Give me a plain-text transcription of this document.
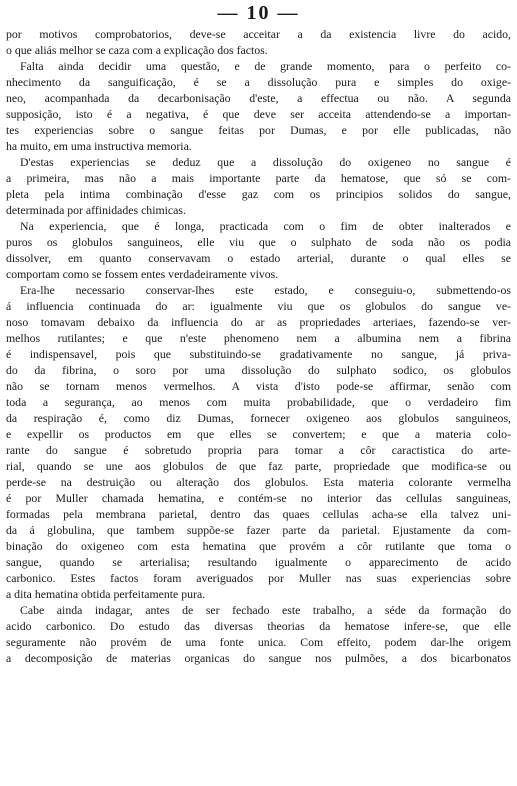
— 10 —

por motivos comprobatorios, deve-se acceitar a da existencia livre do acido,
o que aliás melhor se caza com a explicação dos factos.

Falta ainda decidir uma questão, e de grande momento, para o perfeito co-
nhecimento da sanguificação, é se a dissolução pura e simples do oxige-
neo, acompanhada da decarbonisação d'este, a effectua ou não. A segunda
supposição, isto é a negativa, é que deve ser acceita attendendo-se a importan-
tes experiencias sobre o sangue feitas por Dumas, e por elle publicadas, não
ha muito, em uma instructiva memoria.

D'estas experiencias se deduz que a dissolução do oxigeneo no sangue é
a primeira, mas não a mais importante parte da hematose, que só se com-
pleta pela intima combinação d'esse gaz com os principios solidos do sangue,
determinada por affinidades chimicas.

Na experiencia, que é longa, practicada com o fim de obter inalterados e
puros os globulos sanguineos, elle viu que o sulphato de soda não os podia
dissolver, em quanto conservavam o estado arterial, durante o qual elles se
comportam como se fossem entes verdadeiramente vivos.

Era-lhe necessario conservar-lhes este estado, e conseguiu-o, submettendo-os
á influencia continuada do ar: igualmente viu que os globulos do sangue ve-
noso tomavam debaixo da influencia do ar as propriedades arteriaes, fazendo-se ver-
melhos rutilantes; e que n'este phenomeno nem a albumina nem a fibrina
é indispensavel, pois que substituindo-se gradativamente no sangue, já priva-
do da fibrina, o soro por uma dissolução do sulphato sodico, os globulos
não se tornam menos vermelhos. A vista d'isto pode-se affirmar, senão com
toda a segurança, ao menos com muita probabilidade, que o verdadeiro fim
da respiração é, como diz Dumas, fornecer oxigeneo aos globulos sanguineos,
e expellir os productos em que elles se convertem; e que a materia colo-
rante do sangue é sobretudo propria para tomar a côr caractistica do arte-
rial, quando se une aos globulos de que faz parte, propriedade que modifica-se ou
perde-se na destruição ou alteração dos globulos. Esta materia colorante vermelha
é por Muller chamada hematina, e contém-se no interior das cellulas sanguineas,
formadas pela membrana parietal, dentro das quaes cellulas acha-se ella talvez uni-
da á globulina, que tambem suppõe-se fazer parte da parietal. Ejustamente da com-
binação do oxigeneo com esta hematina que provém a côr rutilante que toma o
sangue, quando se arterialisa; resultando igualmente o apparecimento de acido
carbonico. Estes factos foram averiguados por Muller nas suas experiencias sobre
a dita hematina obtida perfeitamente pura.

Cabe ainda indagar, antes de ser fechado este trabalho, a séde da formação do
acido carbonico. Do estudo das diversas theorias da hematose infere-se, que elle
seguramente não provém de uma fonte unica. Com effeito, podem dar-lhe origem
a decomposição de materias organicas do sangue nos pulmões, a dos bicarbonatos
